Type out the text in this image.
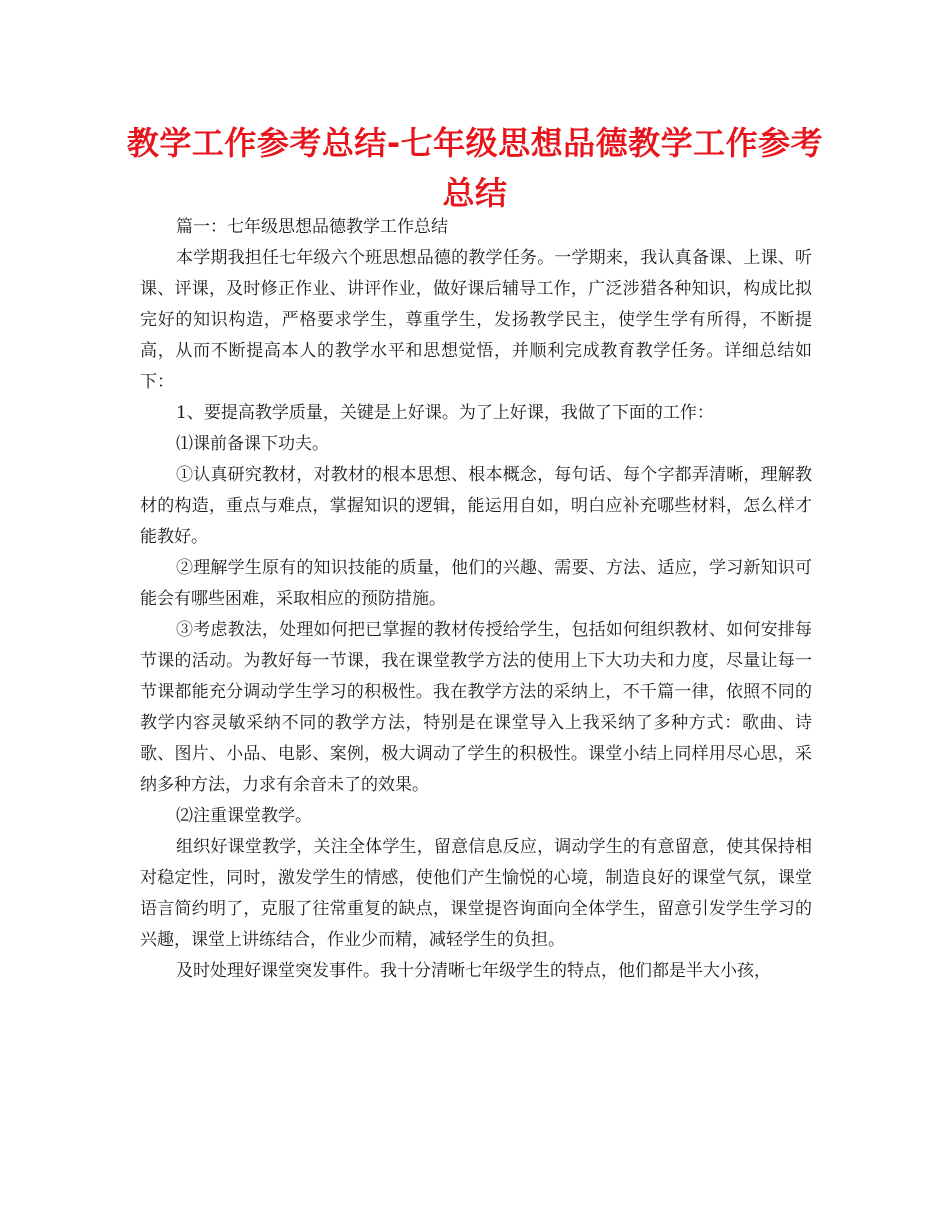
教学工作参考总结-七年级思想品德教学工作参考总结

篇一：七年级思想品德教学工作总结

本学期我担任七年级六个班思想品德的教学任务。一学期来，我认真备课、上课、听课、评课，及时修正作业、讲评作业，做好课后辅导工作，广泛涉猎各种知识，构成比拟完好的知识构造，严格要求学生，尊重学生，发扬教学民主，使学生学有所得，不断提高，从而不断提高本人的教学水平和思想觉悟，并顺利完成教育教学任务。详细总结如下：

1、要提高教学质量，关键是上好课。为了上好课，我做了下面的工作：

⑴课前备课下功夫。

①认真研究教材，对教材的根本思想、根本概念，每句话、每个字都弄清晰，理解教材的构造，重点与难点，掌握知识的逻辑，能运用自如，明白应补充哪些材料，怎么样才能教好。

②理解学生原有的知识技能的质量，他们的兴趣、需要、方法、适应，学习新知识可能会有哪些困难，采取相应的预防措施。

③考虑教法，处理如何把已掌握的教材传授给学生，包括如何组织教材、如何安排每节课的活动。为教好每一节课，我在课堂教学方法的使用上下大功夫和力度，尽量让每一节课都能充分调动学生学习的积极性。我在教学方法的采纳上，不千篇一律，依照不同的教学内容灵敏采纳不同的教学方法，特别是在课堂导入上我采纳了多种方式：歌曲、诗歌、图片、小品、电影、案例，极大调动了学生的积极性。课堂小结上同样用尽心思，采纳多种方法，力求有余音未了的效果。

⑵注重课堂教学。

组织好课堂教学，关注全体学生，留意信息反应，调动学生的有意留意，使其保持相对稳定性，同时，激发学生的情感，使他们产生愉悦的心境，制造良好的课堂气氛，课堂语言简约明了，克服了往常重复的缺点，课堂提咨询面向全体学生，留意引发学生学习的兴趣，课堂上讲练结合，作业少而精，减轻学生的负担。

及时处理好课堂突发事件。我十分清晰七年级学生的特点，他们都是半大小孩，
